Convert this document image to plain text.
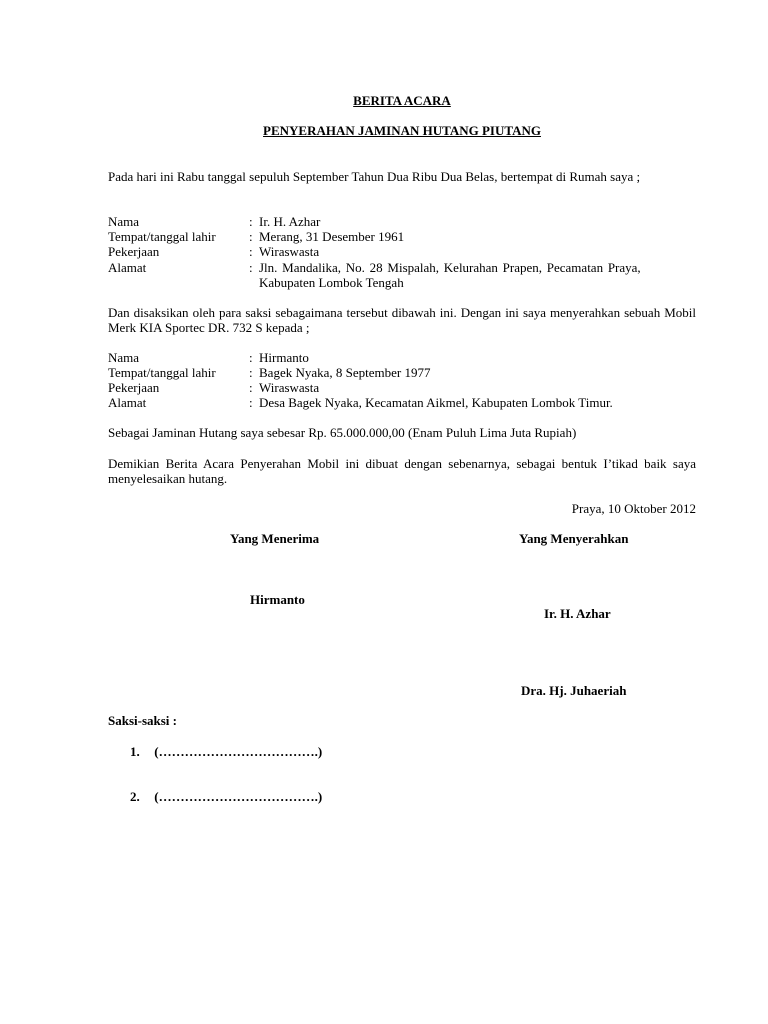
BERITA ACARA
PENYERAHAN JAMINAN HUTANG PIUTANG
Pada hari ini Rabu tanggal sepuluh September Tahun Dua Ribu Dua Belas, bertempat di Rumah saya ;
Nama	: Ir. H. Azhar
Tempat/tanggal lahir	: Merang, 31 Desember 1961
Pekerjaan	: Wiraswasta
Alamat	: Jln. Mandalika, No. 28 Mispalah, Kelurahan Prapen, Pecamatan Praya,
Kabupaten Lombok Tengah
Dan disaksikan oleh para saksi sebagaimana tersebut dibawah ini. Dengan ini saya menyerahkan sebuah Mobil Merk KIA Sportec DR. 732 S kepada ;
Nama	: Hirmanto
Tempat/tanggal lahir	: Bagek Nyaka, 8 September 1977
Pekerjaan	: Wiraswasta
Alamat	: Desa Bagek Nyaka, Kecamatan Aikmel, Kabupaten Lombok Timur.
Sebagai Jaminan Hutang saya sebesar Rp. 65.000.000,00 (Enam Puluh Lima Juta Rupiah)
Demikian Berita Acara Penyerahan Mobil ini dibuat dengan sebenarnya, sebagai bentuk I’tikad baik saya menyelesaikan hutang.
Praya, 10 Oktober 2012
Yang Menerima	Yang Menyerahkan
Hirmanto
Ir. H. Azhar
Dra. Hj. Juhaeriah
Saksi-saksi :
1. (……………………………….)
2. (……………………………….)
